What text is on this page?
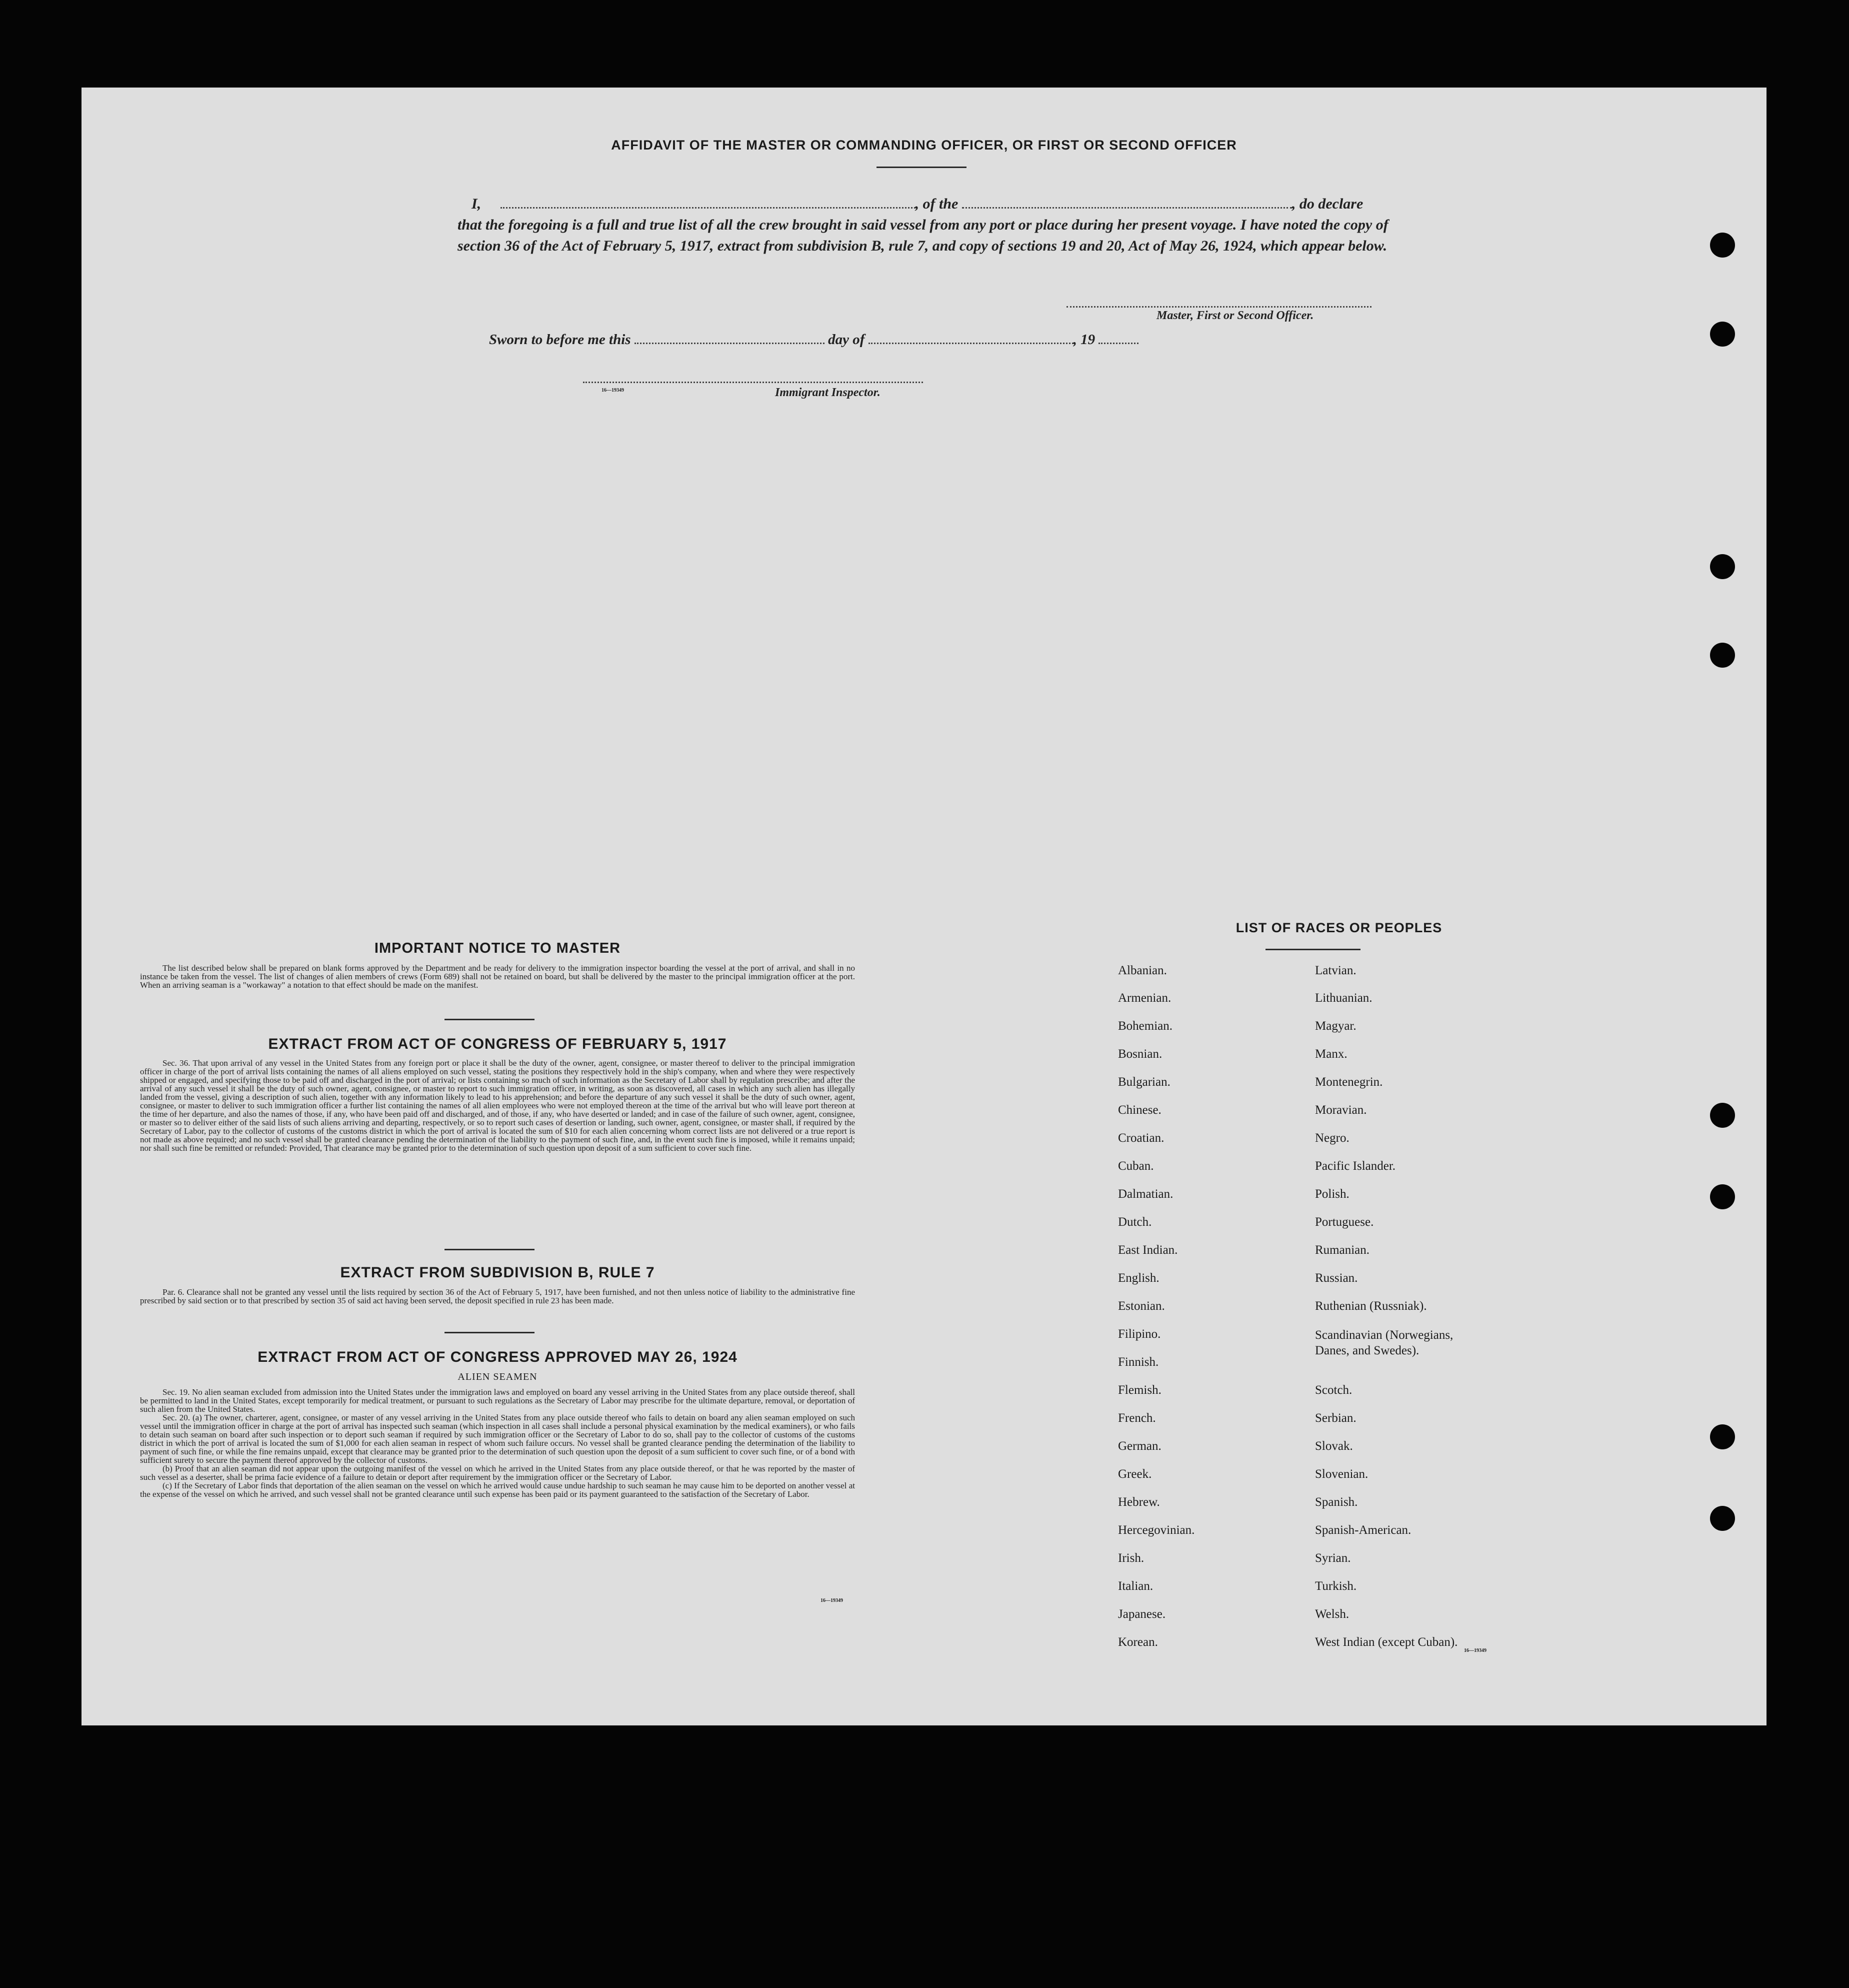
AFFIDAVIT OF THE MASTER OR COMMANDING OFFICER, OR FIRST OR SECOND OFFICER
I,	, of the	, do declare
that the foregoing is a full and true list of all the crew brought in said vessel from any port or place during her present voyage. I have noted the copy of section 36 of the Act of February 5, 1917, extract from subdivision B, rule 7, and copy of sections 19 and 20, Act of May 26, 1924, which appear below.
Master, First or Second Officer.
Sworn to before me this	day of	, 19
16—19349	Immigrant Inspector.
IMPORTANT NOTICE TO MASTER

The list described below shall be prepared on blank forms approved by the Department and be ready for delivery to the immigration inspector boarding the vessel at the port of arrival, and shall in no instance be taken from the vessel. The list of changes of alien members of crews (Form 689) shall not be retained on board, but shall be delivered by the master to the principal immigration officer at the port. When an arriving seaman is a "workaway" a notation to that effect should be made on the manifest.

EXTRACT FROM ACT OF CONGRESS OF FEBRUARY 5, 1917

Sec. 36. That upon arrival of any vessel in the United States from any foreign port or place it shall be the duty of the owner, agent, consignee, or master thereof to deliver to the principal immigration officer in charge of the port of arrival lists containing the names of all aliens employed on such vessel, stating the positions they respectively hold in the ship's company, when and where they were respectively shipped or engaged, and specifying those to be paid off and discharged in the port of arrival; or lists containing so much of such information as the Secretary of Labor shall by regulation prescribe; and after the arrival of any such vessel it shall be the duty of such owner, agent, consignee, or master to report to such immigration officer, in writing, as soon as discovered, all cases in which any such alien has illegally landed from the vessel, giving a description of such alien, together with any information likely to lead to his apprehension; and before the departure of any such vessel it shall be the duty of such owner, agent, consignee, or master to deliver to such immigration officer a further list containing the names of all alien employees who were not employed thereon at the time of the arrival but who will leave port thereon at the time of her departure, and also the names of those, if any, who have been paid off and discharged, and of those, if any, who have deserted or landed; and in case of the failure of such owner, agent, consignee, or master so to deliver either of the said lists of such aliens arriving and departing, respectively, or so to report such cases of desertion or landing, such owner, agent, consignee, or master shall, if required by the Secretary of Labor, pay to the collector of customs of the customs district in which the port of arrival is located the sum of $10 for each alien concerning whom correct lists are not delivered or a true report is not made as above required; and no such vessel shall be granted clearance pending the determination of the liability to the payment of such fine, and, in the event such fine is imposed, while it remains unpaid; nor shall such fine be remitted or refunded: Provided, That clearance may be granted prior to the determination of such question upon deposit of a sum sufficient to cover such fine.

EXTRACT FROM SUBDIVISION B, RULE 7

Par. 6. Clearance shall not be granted any vessel until the lists required by section 36 of the Act of February 5, 1917, have been furnished, and not then unless notice of liability to the administrative fine prescribed by said section or to that prescribed by section 35 of said act having been served, the deposit specified in rule 23 has been made.

EXTRACT FROM ACT OF CONGRESS APPROVED MAY 26, 1924
ALIEN SEAMEN

Sec. 19. No alien seaman excluded from admission into the United States under the immigration laws and employed on board any vessel arriving in the United States from any place outside thereof, shall be permitted to land in the United States, except temporarily for medical treatment, or pursuant to such regulations as the Secretary of Labor may prescribe for the ultimate departure, removal, or deportation of such alien from the United States.

Sec. 20. (a) The owner, charterer, agent, consignee, or master of any vessel arriving in the United States from any place outside thereof who fails to detain on board any alien seaman employed on such vessel until the immigration officer in charge at the port of arrival has inspected such seaman (which inspection in all cases shall include a personal physical examination by the medical examiners), or who fails to detain such seaman on board after such inspection or to deport such seaman if required by such immigration officer or the Secretary of Labor to do so, shall pay to the collector of customs of the customs district in which the port of arrival is located the sum of $1,000 for each alien seaman in respect of whom such failure occurs. No vessel shall be granted clearance pending the determination of the liability to payment of such fine, or while the fine remains unpaid, except that clearance may be granted prior to the determination of such question upon the deposit of a sum sufficient to cover such fine, or of a bond with sufficient surety to secure the payment thereof approved by the collector of customs.

(b) Proof that an alien seaman did not appear upon the outgoing manifest of the vessel on which he arrived in the United States from any place outside thereof, or that he was reported by the master of such vessel as a deserter, shall be prima facie evidence of a failure to detain or deport after requirement by the immigration officer or the Secretary of Labor.

(c) If the Secretary of Labor finds that deportation of the alien seaman on the vessel on which he arrived would cause undue hardship to such seaman he may cause him to be deported on another vessel at the expense of the vessel on which he arrived, and such vessel shall not be granted clearance until such expense has been paid or its payment guaranteed to the satisfaction of the Secretary of Labor.

16—19349
LIST OF RACES OR PEOPLES
Albanian.
Armenian.
Bohemian.
Bosnian.
Bulgarian.
Chinese.
Croatian.
Cuban.
Dalmatian.
Dutch.
East Indian.
English.
Estonian.
Filipino.
Finnish.
Flemish.
French.
German.
Greek.
Hebrew.
Hercegovinian.
Irish.
Italian.
Japanese.
Korean.
Latvian.
Lithuanian.
Magyar.
Manx.
Montenegrin.
Moravian.
Negro.
Pacific Islander.
Polish.
Portuguese.
Rumanian.
Russian.
Ruthenian (Russniak).
Scandinavian (Norwegians, Danes, and Swedes).
Scotch.
Serbian.
Slovak.
Slovenian.
Spanish.
Spanish-American.
Syrian.
Turkish.
Welsh.
West Indian (except Cuban).
16—19349
